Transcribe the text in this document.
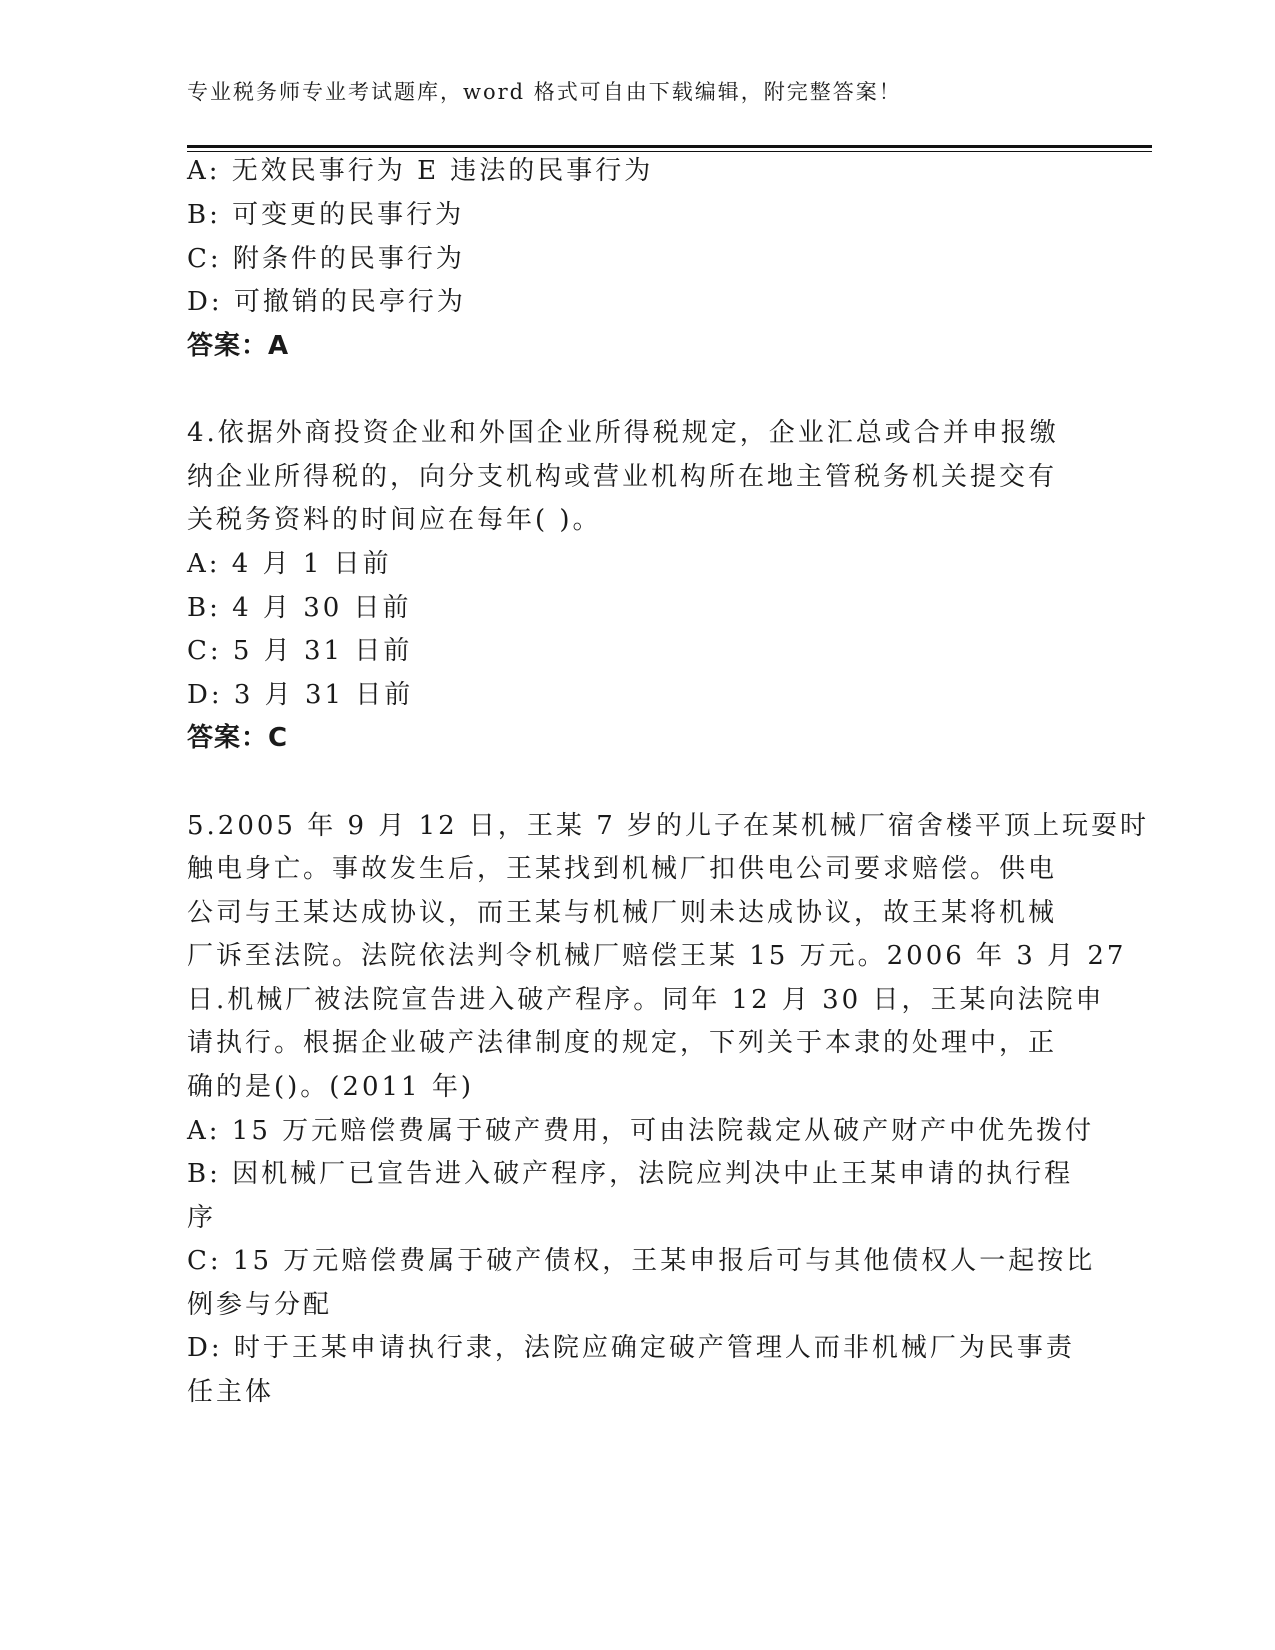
专业税务师专业考试题库，word 格式可自由下载编辑，附完整答案！
A: 无效民事行为 E 违法的民事行为
B: 可变更的民事行为
C: 附条件的民事行为
D: 可撤销的民亭行为
答案：A
4.依据外商投资企业和外国企业所得税规定，企业汇总或合并申报缴
纳企业所得税的，向分支机构或营业机构所在地主管税务机关提交有
关税务资料的时间应在每年( )。
A: 4 月 1 日前
B: 4 月 30 日前
C: 5 月 31 日前
D: 3 月 31 日前
答案：C
5.2005 年 9 月 12 日，王某 7 岁的儿子在某机械厂宿舍楼平顶上玩耍时
触电身亡。事故发生后，王某找到机械厂扣供电公司要求赔偿。供电
公司与王某达成协议，而王某与机械厂则未达成协议，故王某将机械
厂诉至法院。法院依法判令机械厂赔偿王某 15 万元。2006 年 3 月 27
日.机械厂被法院宣告进入破产程序。同年 12 月 30 日，王某向法院申
请执行。根据企业破产法律制度的规定，下列关于本隶的处理中，正
确的是()。(2011 年)
A: 15 万元赔偿费属于破产费用，可由法院裁定从破产财产中优先拨付
B: 因机械厂已宣告进入破产程序，法院应判决中止王某申请的执行程
序
C: 15 万元赔偿费属于破产债权，王某申报后可与其他债权人一起按比
例参与分配
D: 时于王某申请执行隶，法院应确定破产管理人而非机械厂为民事责
任主体
